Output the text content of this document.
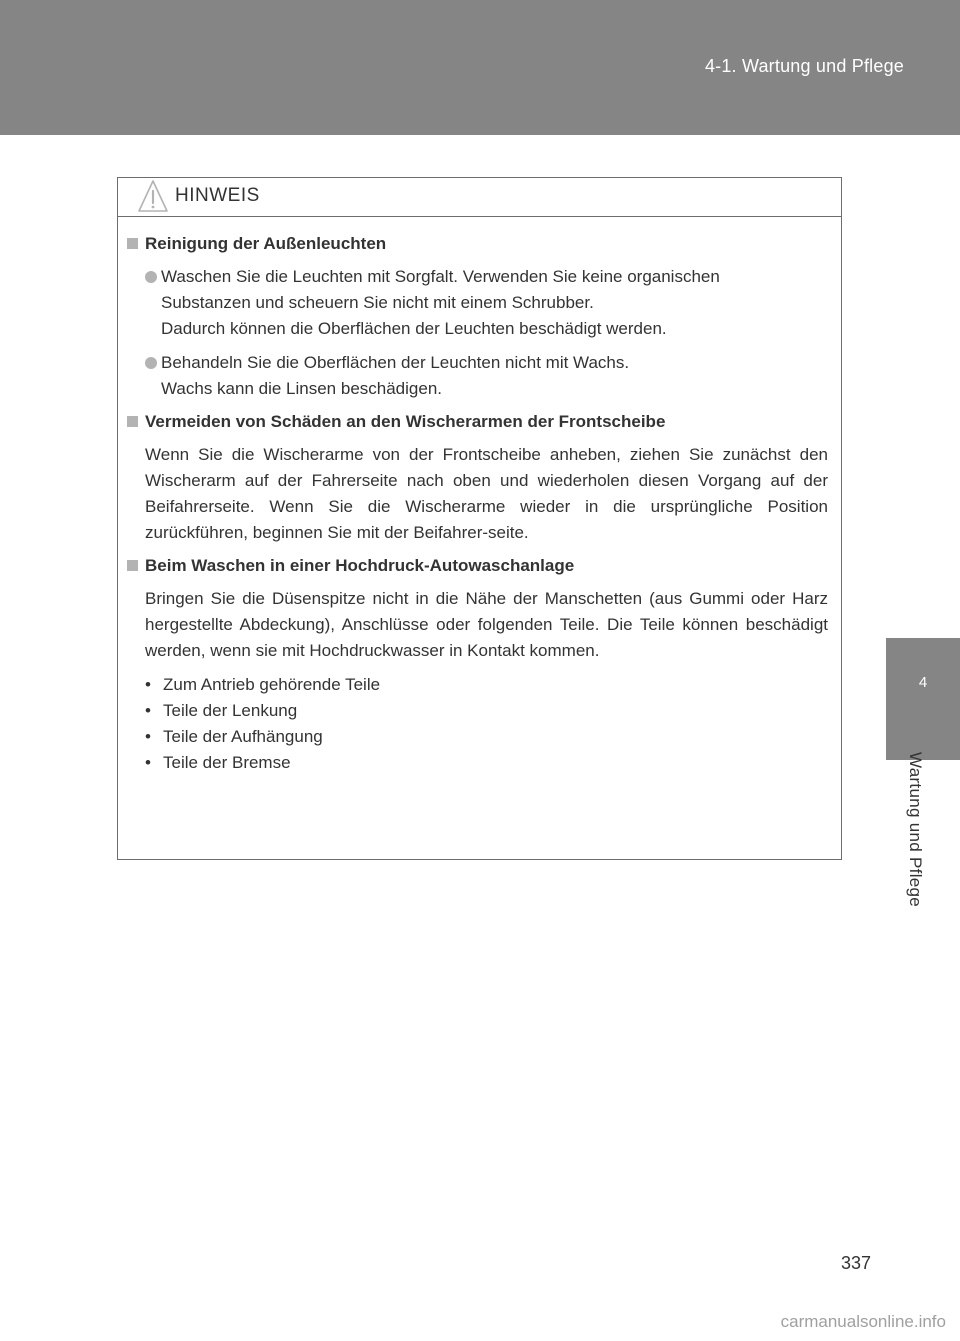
4-1. Wartung und Pflege
4
Wartung und Pflege
HINWEIS
Reinigung der Außenleuchten
Waschen Sie die Leuchten mit Sorgfalt. Verwenden Sie keine organischen
Substanzen und scheuern Sie nicht mit einem Schrubber.
Dadurch können die Oberflächen der Leuchten beschädigt werden.
Behandeln Sie die Oberflächen der Leuchten nicht mit Wachs.
Wachs kann die Linsen beschädigen.
Vermeiden von Schäden an den Wischerarmen der Frontscheibe
Wenn Sie die Wischerarme von der Frontscheibe anheben, ziehen Sie zunächst den Wischerarm auf der Fahrerseite nach oben und wiederholen diesen Vorgang auf der Beifahrerseite. Wenn Sie die Wischerarme wieder in die ursprüngliche Position zurückführen, beginnen Sie mit der Beifahrer-seite.
Beim Waschen in einer Hochdruck-Autowaschanlage
Bringen Sie die Düsenspitze nicht in die Nähe der Manschetten (aus Gummi oder Harz hergestellte Abdeckung), Anschlüsse oder folgenden Teile. Die Teile können beschädigt werden, wenn sie mit Hochdruckwasser in Kontakt kommen.
• Zum Antrieb gehörende Teile
• Teile der Lenkung
• Teile der Aufhängung
• Teile der Bremse
337
carmanualsonline.info
